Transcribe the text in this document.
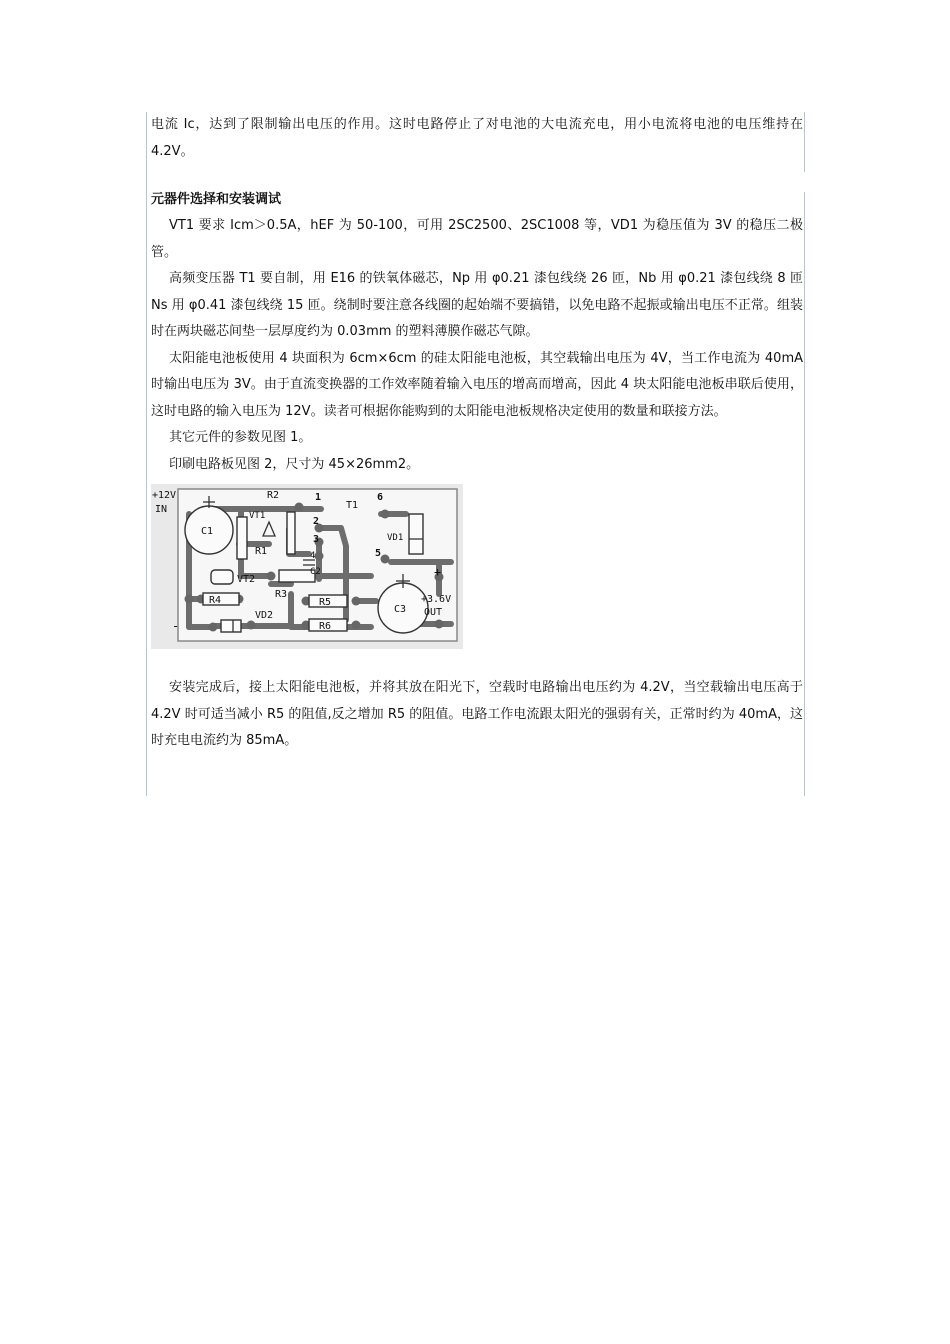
电流 Ic，达到了限制输出电压的作用。这时电路停止了对电池的大电流充电，用小电流将电池的电压维持在 4.2V。

元器件选择和安装调试

VT1 要求 Icm＞0.5A，hEF 为 50-100，可用 2SC2500、2SC1008 等，VD1 为稳压值为 3V 的稳压二极管。

高频变压器 T1 要自制，用 E16 的铁氧体磁芯，Np 用 φ0.21 漆包线绕 26 匝，Nb 用 φ0.21 漆包线绕 8 匝 Ns 用 φ0.41 漆包线绕 15 匝。绕制时要注意各线圈的起始端不要搞错，以免电路不起振或输出电压不正常。组装时在两块磁芯间垫一层厚度约为 0.03mm 的塑料薄膜作磁芯气隙。

太阳能电池板使用 4 块面积为 6cm×6cm 的硅太阳能电池板，其空载输出电压为 4V，当工作电流为 40mA 时输出电压为 3V。由于直流变换器的工作效率随着输入电压的增高而增高，因此 4 块太阳能电池板串联后使用，这时电路的输入电压为 12V。读者可根据你能购到的太阳能电池板规格决定使用的数量和联接方法。

其它元件的参数见图 1。

印刷电路板见图 2，尺寸为 45×26mm2。

+12V
IN
-
C1
C2
C3
R1
R2
R3
R4	R5
R6
VT1
VT2
VD1
VD2
T1
1
2
3
4	5
6
+
+3.6V
OUT

安装完成后，接上太阳能电池板，并将其放在阳光下，空载时电路输出电压约为 4.2V，当空载输出电压高于 4.2V 时可适当减小 R5 的阻值,反之增加 R5 的阻值。电路工作电流跟太阳光的强弱有关，正常时约为 40mA，这时充电电流约为 85mA。
